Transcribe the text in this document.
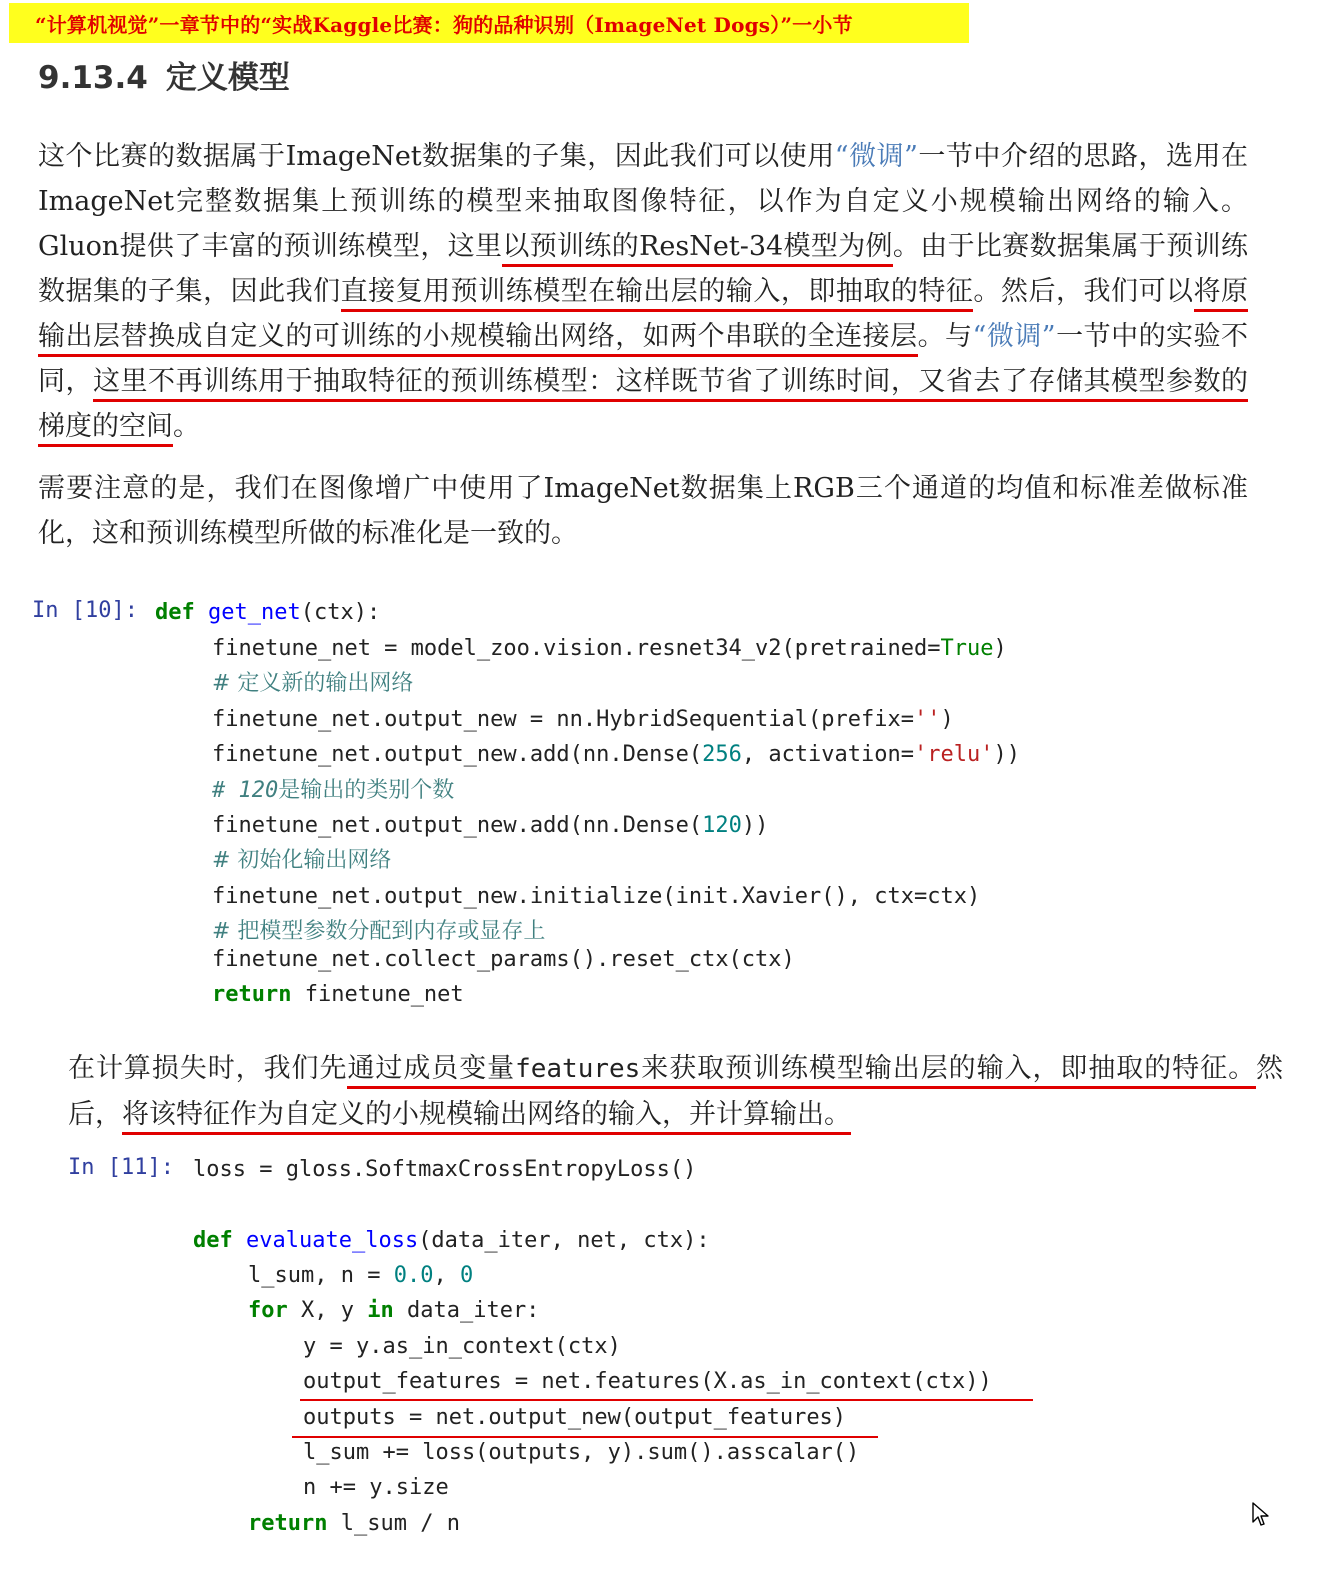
“计算机视觉”一章节中的“实战Kaggle比赛：狗的品种识别（ImageNet Dogs）”一小节
9.13.4 定义模型
这个比赛的数据属于ImageNet数据集的子集，因此我们可以使用“微调”一节中介绍的思路，选用在ImageNet完整数据集上预训练的模型来抽取图像特征，以作为自定义小规模输出网络的输入。Gluon提供了丰富的预训练模型，这里以预训练的ResNet-34模型为例。由于比赛数据集属于预训练数据集的子集，因此我们直接复用预训练模型在输出层的输入，即抽取的特征。然后，我们可以将原输出层替换成自定义的可训练的小规模输出网络，如两个串联的全连接层。与“微调”一节中的实验不同，这里不再训练用于抽取特征的预训练模型：这样既节省了训练时间，又省去了存储其模型参数的梯度的空间。
需要注意的是，我们在图像增广中使用了ImageNet数据集上RGB三个通道的均值和标准差做标准化，这和预训练模型所做的标准化是一致的。
In [10]:

def get_net(ctx):

finetune_net = model_zoo.vision.resnet34_v2(pretrained=True)

# 定义新的输出网络

finetune_net.output_new = nn.HybridSequential(prefix='')

finetune_net.output_new.add(nn.Dense(256, activation='relu'))

# 120是输出的类别个数

finetune_net.output_new.add(nn.Dense(120))

# 初始化输出网络

finetune_net.output_new.initialize(init.Xavier(), ctx=ctx)

# 把模型参数分配到内存或显存上

finetune_net.collect_params().reset_ctx(ctx)

return finetune_net

在计算损失时，我们先通过成员变量features来获取预训练模型输出层的输入，即抽取的特征。然后，将该特征作为自定义的小规模输出网络的输入，并计算输出。
In [11]:

loss = gloss.SoftmaxCrossEntropyLoss()

def evaluate_loss(data_iter, net, ctx):

l_sum, n = 0.0, 0

for X, y in data_iter:

y = y.as_in_context(ctx)

output_features = net.features(X.as_in_context(ctx))

outputs = net.output_new(output_features)

l_sum += loss(outputs, y).sum().asscalar()

n += y.size

return l_sum / n
